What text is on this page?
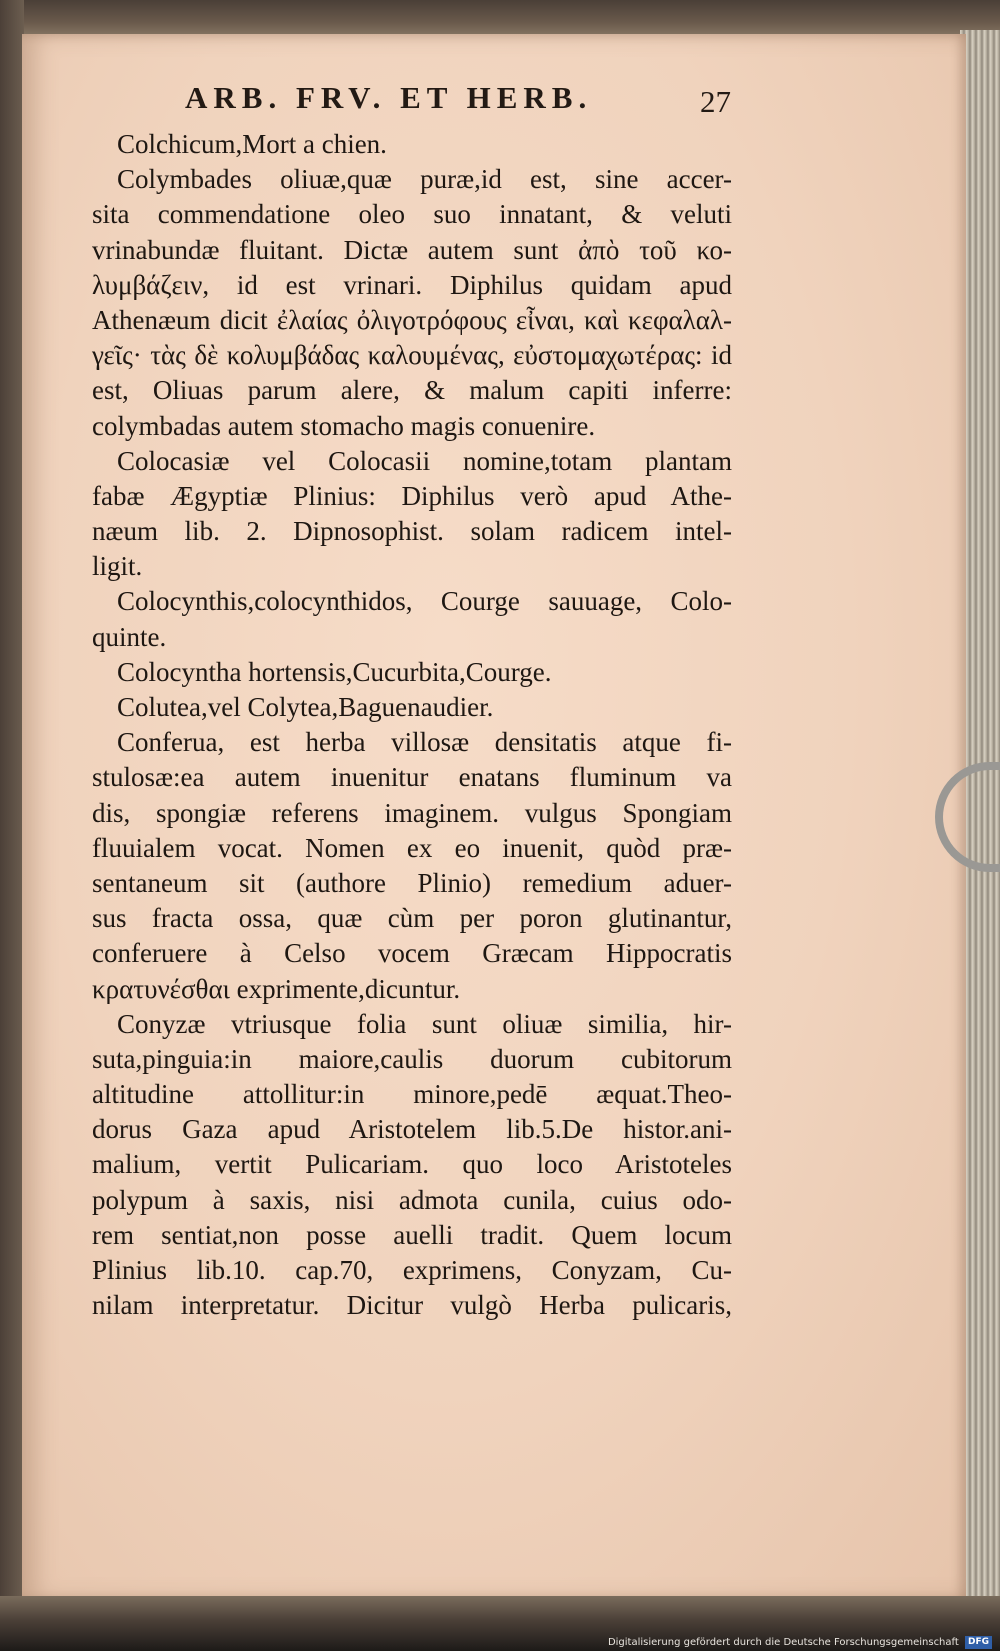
ARB. FRV. ET HERB.	27
Colchicum,Mort a chien.
Colymbades oliuæ,quæ puræ,id est, sine accer-
sita commendatione oleo suo innatant, & veluti
vrinabundæ fluitant. Dictæ autem sunt ἀπὸ τοῦ κο-
λυμβάζειν, id est vrinari. Diphilus quidam apud
Athenæum dicit ἐλαίας ὀλιγοτρόφους εἶναι, καὶ κεφαλαλ-
γεῖς· τὰς δὲ κολυμβάδας καλουμένας, εὐστομαχωτέρας: id
est, Oliuas parum alere, & malum capiti inferre:
colymbadas autem stomacho magis conuenire.
Colocasiæ vel Colocasii nomine,totam plantam
fabæ Ægyptiæ Plinius: Diphilus verò apud Athe-
næum lib. 2. Dipnosophist. solam radicem intel-
ligit.
Colocynthis,colocynthidos, Courge sauuage, Colo-
quinte.
Colocyntha hortensis,Cucurbita,Courge.
Colutea,vel Colytea,Baguenaudier.
Conferua, est herba villosæ densitatis atque fi-
stulosæ:ea autem inuenitur enatans fluminum va
dis, spongiæ referens imaginem. vulgus Spongiam
fluuialem vocat. Nomen ex eo inuenit, quòd præ-
sentaneum sit (authore Plinio) remedium aduer-
sus fracta ossa, quæ cùm per poron glutinantur,
conferuere à Celso vocem Græcam Hippocratis
κρατυνέσθαι exprimente,dicuntur.
Conyzæ vtriusque folia sunt oliuæ similia, hir-
suta,pinguia:in maiore,caulis duorum cubitorum
altitudine attollitur:in minore,pedē æquat.Theo-
dorus Gaza apud Aristotelem lib.5.De histor.ani-
malium, vertit Pulicariam. quo loco Aristoteles
polypum à saxis, nisi admota cunila, cuius odo-
rem sentiat,non posse auelli tradit. Quem locum
Plinius lib.10. cap.70, exprimens, Conyzam, Cu-
nilam interpretatur. Dicitur vulgò Herba pulicaris,
Digitalisierung gefördert durch die Deutsche Forschungsgemeinschaft DFG
